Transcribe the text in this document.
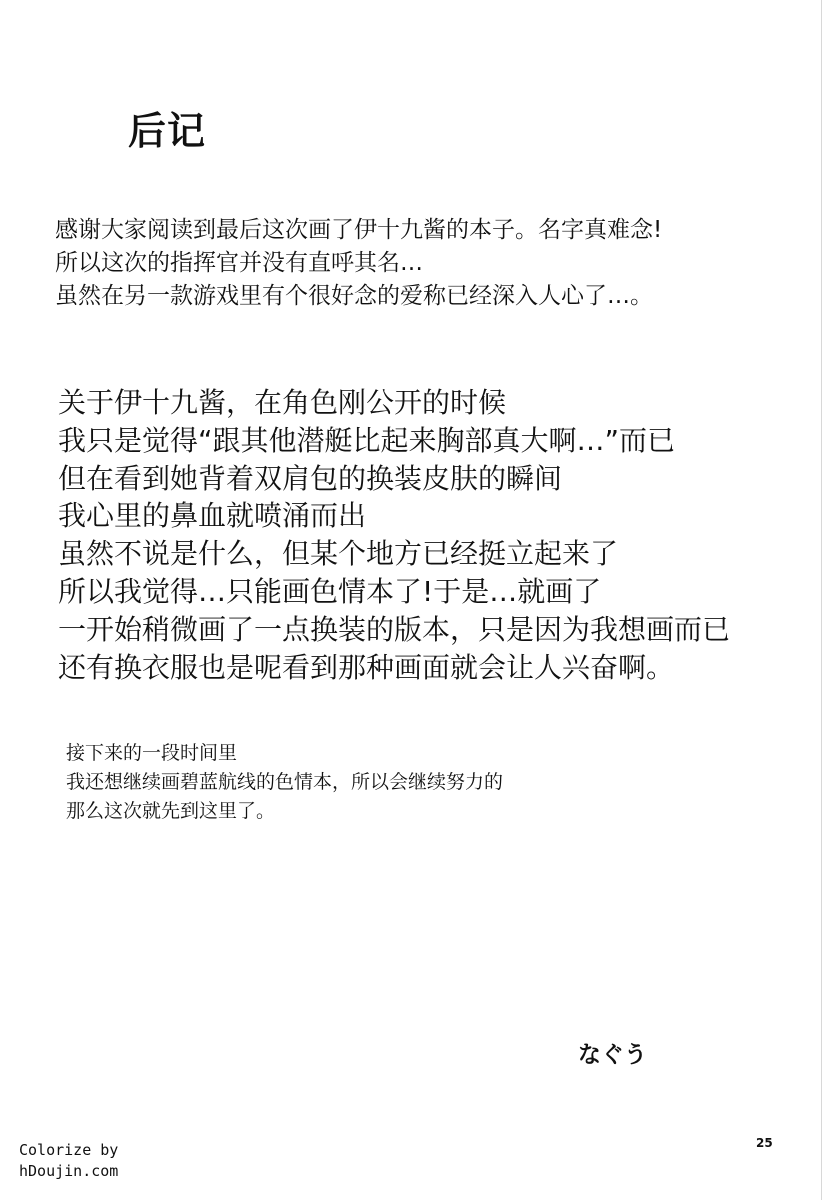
后记
感谢大家阅读到最后这次画了伊十九酱的本子。名字真难念!
所以这次的指挥官并没有直呼其名…
虽然在另一款游戏里有个很好念的爱称已经深入人心了…。
关于伊十九酱，在角色刚公开的时候
我只是觉得“跟其他潜艇比起来胸部真大啊…”而已
但在看到她背着双肩包的换装皮肤的瞬间
我心里的鼻血就喷涌而出
虽然不说是什么，但某个地方已经挺立起来了
所以我觉得…只能画色情本了!于是…就画了
一开始稍微画了一点换装的版本，只是因为我想画而已
还有换衣服也是呢看到那种画面就会让人兴奋啊。
接下来的一段时间里
我还想继续画碧蓝航线的色情本，所以会继续努力的
那么这次就先到这里了。
なぐう
25
Colorize by
hDoujin.com
